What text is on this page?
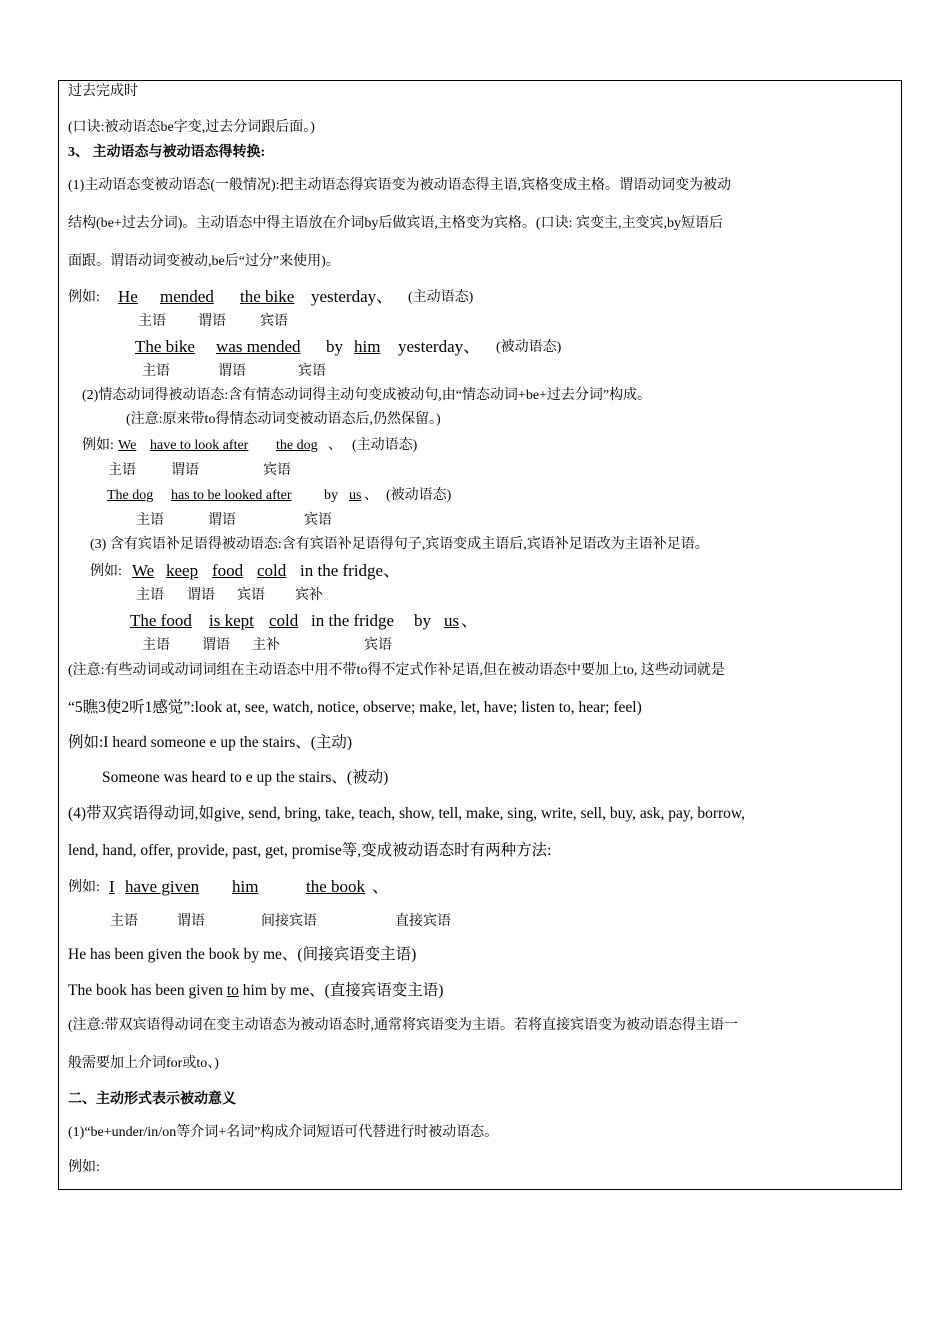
过去完成时
(口诀:被动语态be字变,过去分词跟后面。)
3、 主动语态与被动语态得转换:
(1)主动语态变被动语态(一般情况):把主动语态得宾语变为被动语态得主语,宾格变成主格。谓语动词变为被动
结构(be+过去分词)。主动语态中得主语放在介词by后做宾语,主格变为宾格。(口诀: 宾变主,主变宾,by短语后
面跟。谓语动词变被动,be后“过分”来使用)。
例如: He mended the bike yesterday、 (主动语态)
主语 谓语 宾语
The bike was mended by him yesterday、 (被动语态)
主语	谓语	宾语
(2)情态动词得被动语态:含有情态动词得主动句变成被动句,由“情态动词+be+过去分词”构成。
(注意:原来带to得情态动词变被动语态后,仍然保留。)
例如: We have to look after the dog 、 (主动语态)
主语	谓语	宾语
The dog has to be looked after by us 、 (被动语态)
主语	谓语	宾语
(3) 含有宾语补足语得被动语态:含有宾语补足语得句子,宾语变成主语后,宾语补足语改为主语补足语。
例如: We keep food cold in the fridge、
主语 谓语 宾语 宾补
The food is kept cold in the fridge by us 、
主语 谓语 主补	宾语
(注意:有些动词或动词词组在主动语态中用不带to得不定式作补足语,但在被动语态中要加上to, 这些动词就是
“5瞧3使2听1感觉”:look at, see, watch, notice, observe; make, let, have; listen to, hear; feel)
例如:I heard someone e up the stairs、(主动)
Someone was heard to e up the stairs、(被动)
(4)带双宾语得动词,如give, send, bring, take, teach, show, tell, make, sing, write, sell, buy, ask, pay, borrow,
lend, hand, offer, provide, past, get, promise等,变成被动语态时有两种方法:
例如: I have given him	the book 、
主语	谓语	间接宾语	直接宾语
He has been given the book by me、(间接宾语变主语)
The book has been given to him by me、(直接宾语变主语)
(注意:带双宾语得动词在变主动语态为被动语态时,通常将宾语变为主语。若将直接宾语变为被动语态得主语一
般需要加上介词for或to、)
二、主动形式表示被动意义
(1)“be+under/in/on等介词+名词”构成介词短语可代替进行时被动语态。
例如:
